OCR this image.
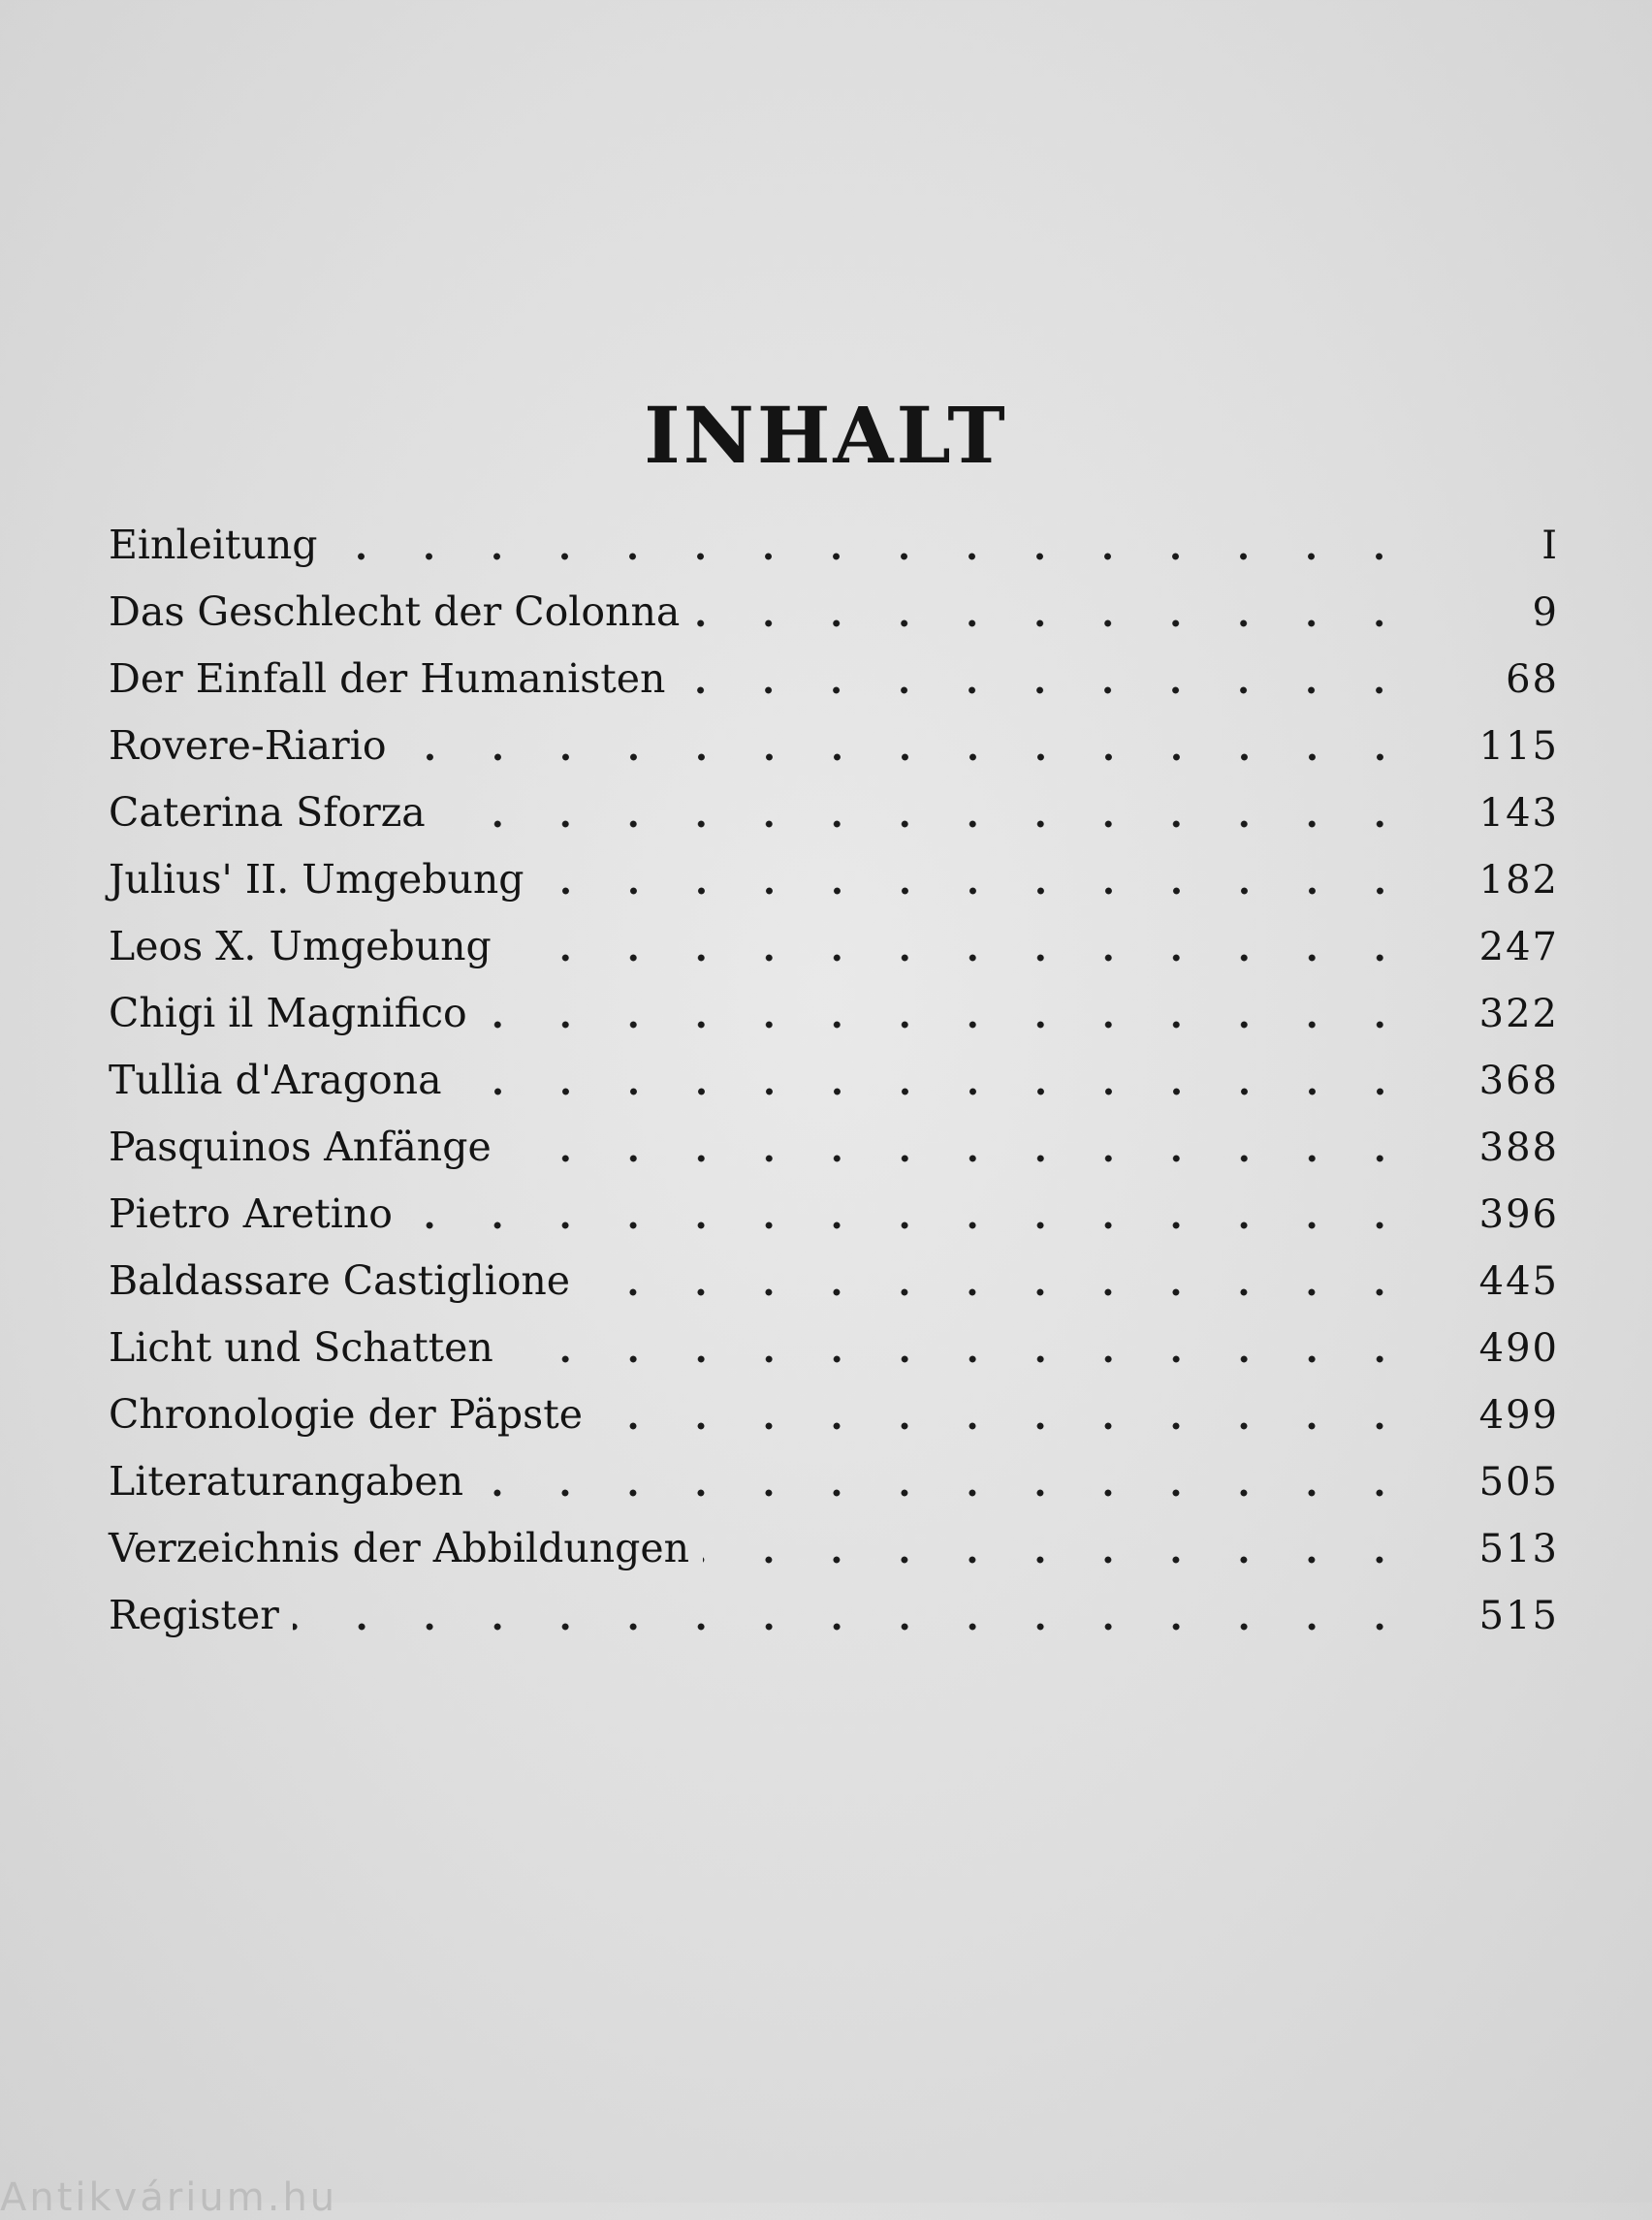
INHALT
Einleitung	I
Das Geschlecht der Colonna	9
Der Einfall der Humanisten	68
Rovere-Riario	115
Caterina Sforza	143
Julius' II. Umgebung	182
Leos X. Umgebung	247
Chigi il Magnifico	322
Tullia d'Aragona	368
Pasquinos Anfänge	388
Pietro Aretino	396
Baldassare Castiglione	445
Licht und Schatten	490
Chronologie der Päpste	499
Literaturangaben	505
Verzeichnis der Abbildungen	513
Register	515
Antikvárium.hu
